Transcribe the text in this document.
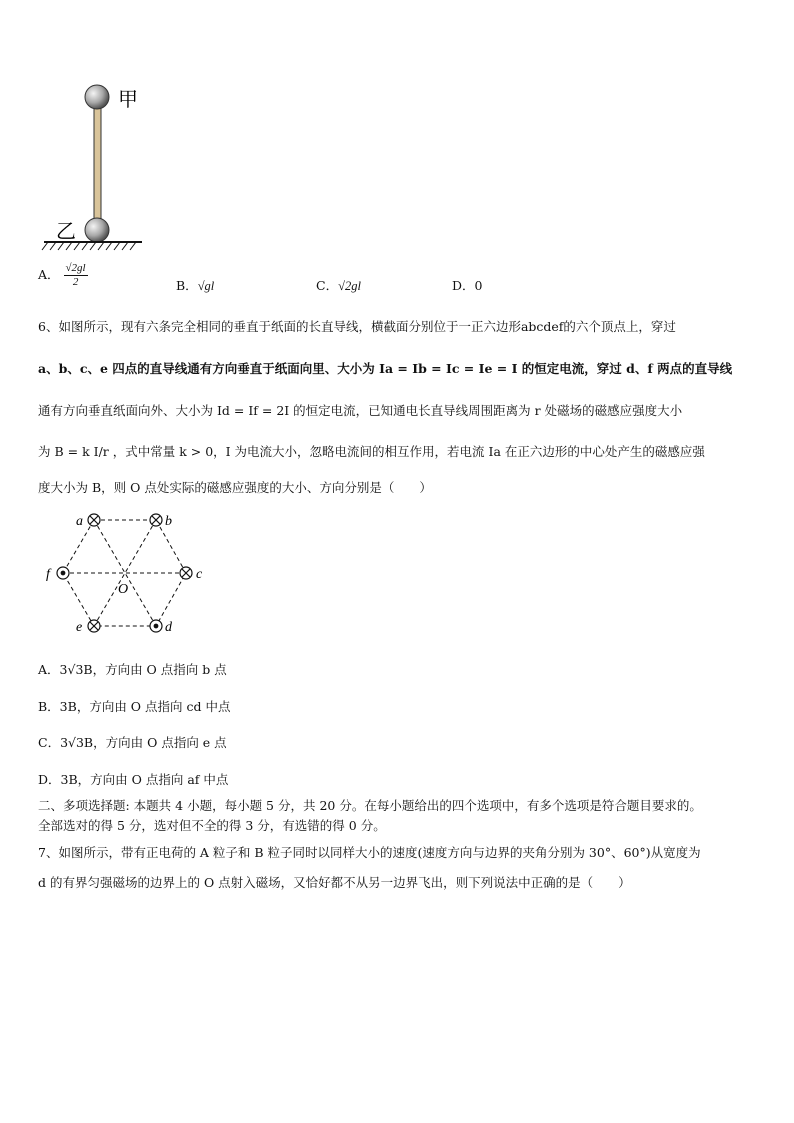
甲
乙
A． $\frac{√2gl}{2}$	B．√gl	C．√2gl	D．0
6、如图所示，现有六条完全相同的垂直于纸面的长直导线，横截面分别位于一正六边形abcdef的六个顶点上，穿过
a、b、c、e 四点的直导线通有方向垂直于纸面向里、大小为 Ia = Ib = Ic = Ie = I 的恒定电流，穿过 d、f 两点的直导线
通有方向垂直纸面向外、大小为 Id = If = 2I 的恒定电流，已知通电长直导线周围距离为 r 处磁场的磁感应强度大小
为 B = k I/r ，式中常量 k > 0，I 为电流大小，忽略电流间的相互作用，若电流 Ia 在正六边形的中心处产生的磁感应强
度大小为 B，则 O 点处实际的磁感应强度的大小、方向分别是（　　）
a	b
c
d
e
f
O
A．3√3B，方向由 O 点指向 b 点
B．3B，方向由 O 点指向 cd 中点
C．3√3B，方向由 O 点指向 e 点
D．3B，方向由 O 点指向 af 中点
二、多项选择题: 本题共 4 小题，每小题 5 分，共 20 分。在每小题给出的四个选项中，有多个选项是符合题目要求的。
全部选对的得 5 分，选对但不全的得 3 分，有选错的得 0 分。
7、如图所示，带有正电荷的 A 粒子和 B 粒子同时以同样大小的速度(速度方向与边界的夹角分别为 30°、60°)从宽度为
d 的有界匀强磁场的边界上的 O 点射入磁场，又恰好都不从另一边界飞出，则下列说法中正确的是（　　）
